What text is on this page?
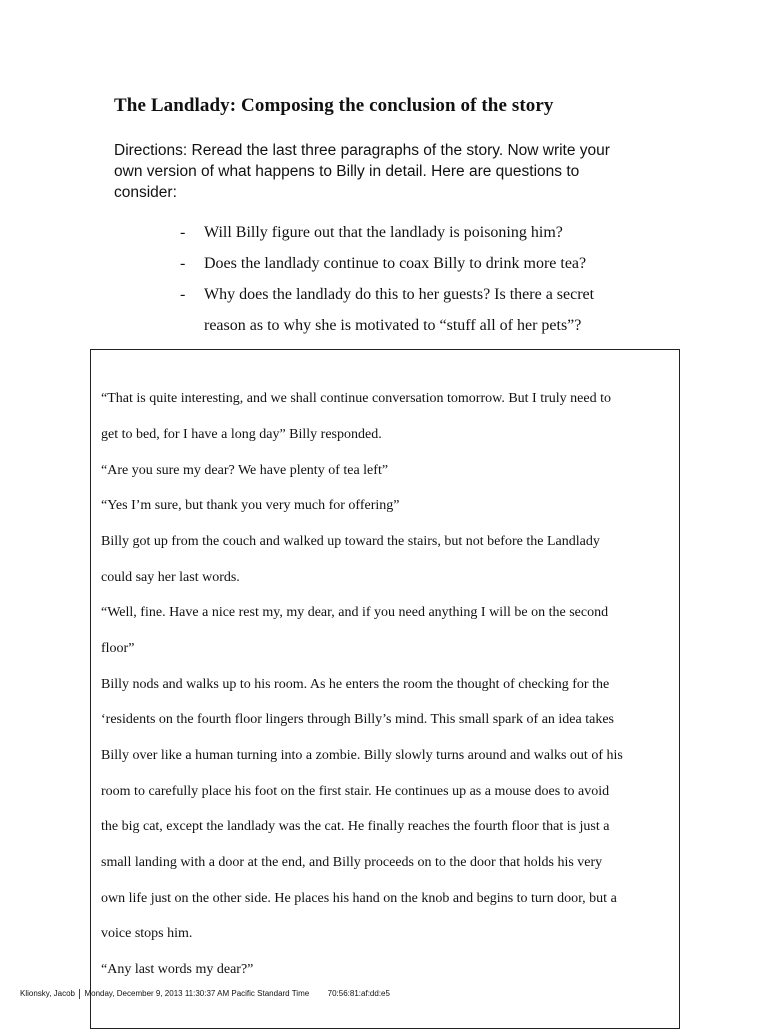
The Landlady: Composing the conclusion of the story
Directions: Reread the last three paragraphs of the story. Now write your
own version of what happens to Billy in detail. Here are questions to
consider:
-	Will Billy figure out that the landlady is poisoning him?
-	Does the landlady continue to coax Billy to drink more tea?
-	Why does the landlady do this to her guests? Is there a secret
reason as to why she is motivated to “stuff all of her pets”?

“That is quite interesting, and we shall continue conversation tomorrow. But I truly need to

get to bed, for I have a long day” Billy responded.

“Are you sure my dear? We have plenty of tea left”

“Yes I’m sure, but thank you very much for offering”

Billy got up from the couch and walked up toward the stairs, but not before the Landlady

could say her last words.

“Well, fine. Have a nice rest my, my dear, and if you need anything I will be on the second

floor”

Billy nods and walks up to his room. As he enters the room the thought of checking for the

‘residents on the fourth floor lingers through Billy’s mind. This small spark of an idea takes

Billy over like a human turning into a zombie. Billy slowly turns around and walks out of his

room to carefully place his foot on the first stair. He continues up as a mouse does to avoid

the big cat, except the landlady was the cat. He finally reaches the fourth floor that is just a

small landing with a door at the end, and Billy proceeds on to the door that holds his very

own life just on the other side. He places his hand on the knob and begins to turn door, but a

voice stops him.

“Any last words my dear?”

Klionsky, Jacob Monday, December 9, 2013 11:30:37 AM Pacific Standard Time 70:56:81:af:dd:e5
